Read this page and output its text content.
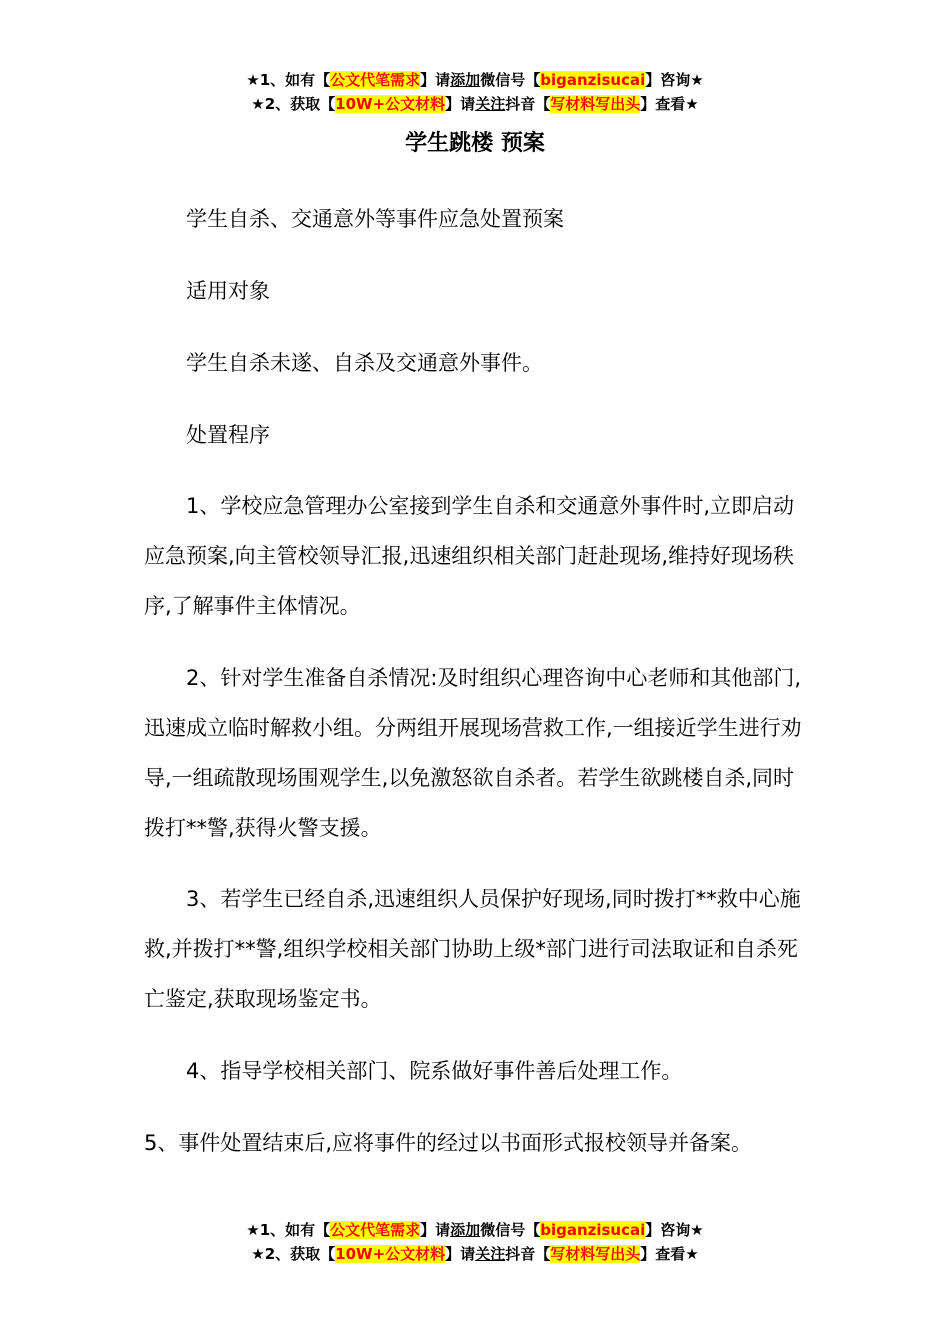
★1、如有【公文代笔需求】请添加微信号【biganzisucai】咨询★
★2、获取【10W+公文材料】请关注抖音【写材料写出头】查看★
学生跳楼 预案

学生自杀、交通意外等事件应急处置预案

适用对象

学生自杀未遂、自杀及交通意外事件。

处置程序

1、学校应急管理办公室接到学生自杀和交通意外事件时,立即启动应急预案,向主管校领导汇报,迅速组织相关部门赶赴现场,维持好现场秩序,了解事件主体情况。

2、针对学生准备自杀情况:及时组织心理咨询中心老师和其他部门,迅速成立临时解救小组。分两组开展现场营救工作,一组接近学生进行劝导,一组疏散现场围观学生,以免激怒欲自杀者。若学生欲跳楼自杀,同时拨打**警,获得火警支援。

3、若学生已经自杀,迅速组织人员保护好现场,同时拨打**救中心施救,并拨打**警,组织学校相关部门协助上级*部门进行司法取证和自杀死亡鉴定,获取现场鉴定书。

4、指导学校相关部门、院系做好事件善后处理工作。

5、事件处置结束后,应将事件的经过以书面形式报校领导并备案。

★1、如有【公文代笔需求】请添加微信号【biganzisucai】咨询★
★2、获取【10W+公文材料】请关注抖音【写材料写出头】查看★
